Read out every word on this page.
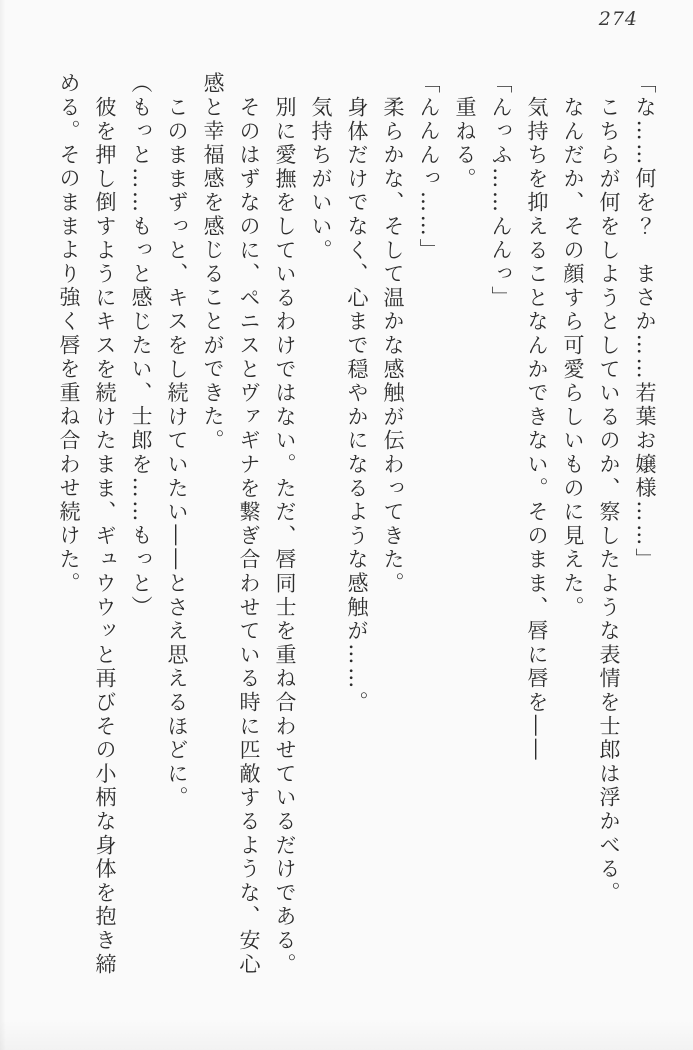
274

「な……何を？　まさか……若葉お嬢様……」

こちらが何をしようとしているのか、察したような表情を士郎は浮かべる。

なんだか、その顔すら可愛らしいものに見えた。

気持ちを抑えることなんかできない。そのまま、唇に唇を――

「んっふ……んんっ」

重ねる。

「んんんっ……」

柔らかな、そして温かな感触が伝わってきた。

身体だけでなく、心まで穏やかになるような感触が……。

気持ちがいい。

別に愛撫をしているわけではない。ただ、唇同士を重ね合わせているだけである。

そのはずなのに、ペニスとヴァギナを繋ぎ合わせている時に匹敵するような、安心

感と幸福感を感じることができた。

このままずっと、キスをし続けていたい――とさえ思えるほどに。

（もっと……もっと感じたい、士郎を……もっと）

彼を押し倒すようにキスを続けたまま、ギュウウッと再びその小柄な身体を抱き締

める。そのままより強く唇を重ね合わせ続けた。
